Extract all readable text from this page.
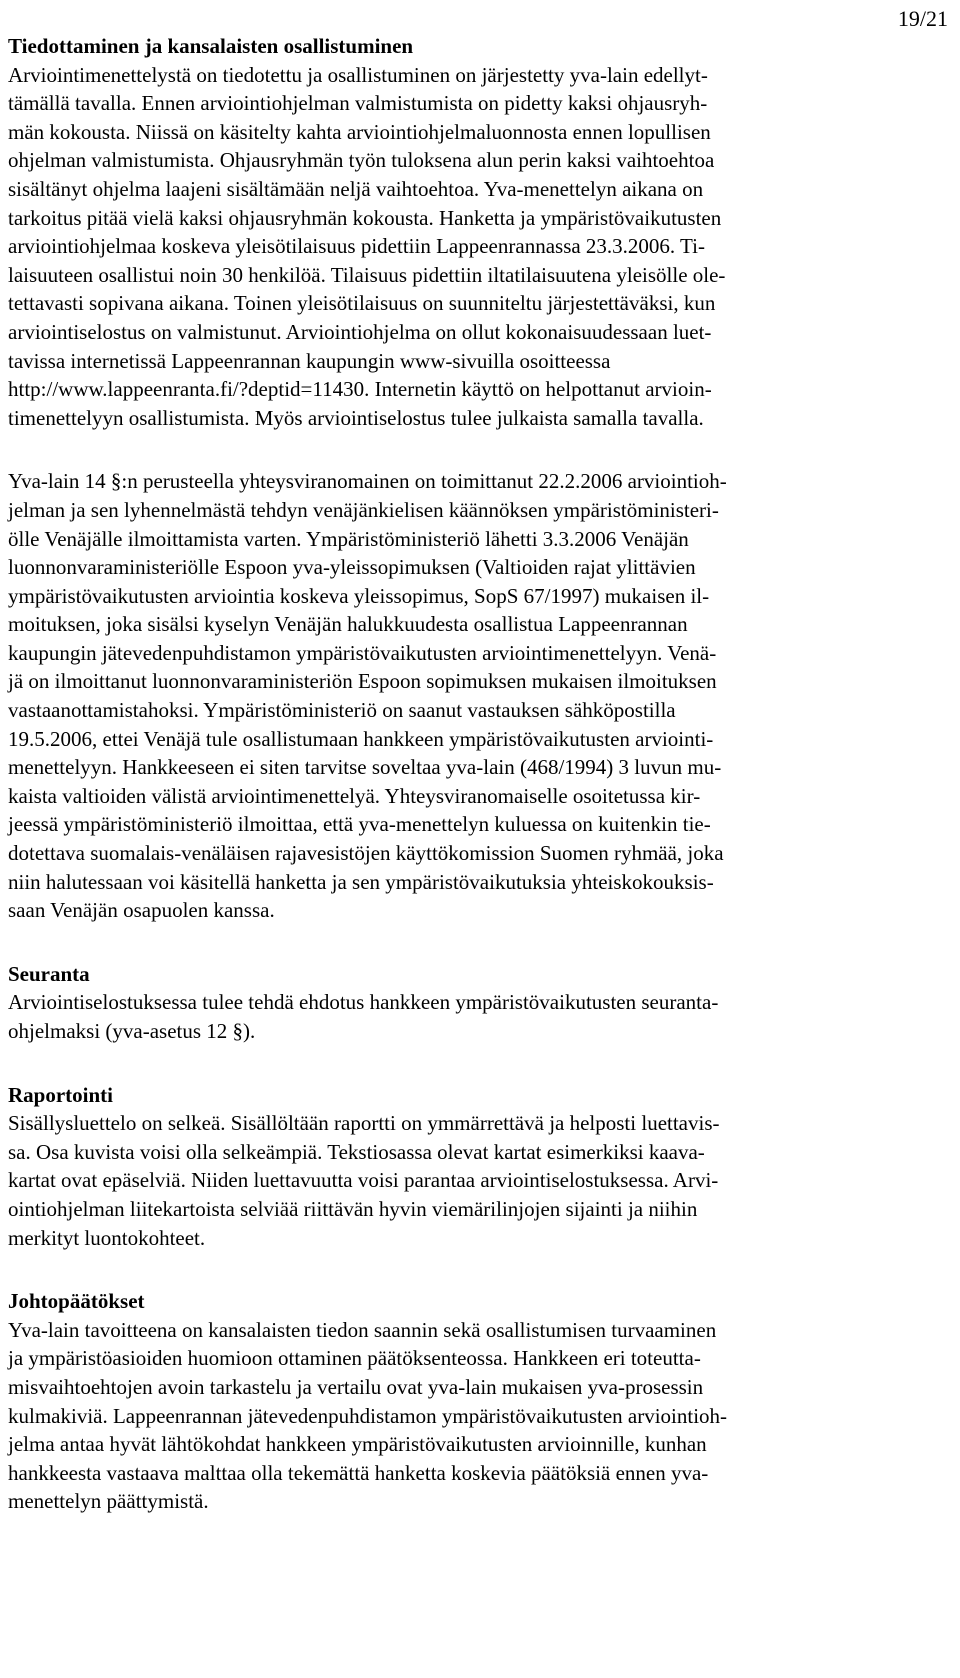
19/21
Tiedottaminen ja kansalaisten osallistuminen
Arviointimenettelystä on tiedotettu ja osallistuminen on järjestetty yva-lain edellyt-
tämällä tavalla. Ennen arviointiohjelman valmistumista on pidetty kaksi ohjausryh-
män kokousta. Niissä on käsitelty kahta arviointiohjelmaluonnosta ennen lopullisen
ohjelman valmistumista. Ohjausryhmän työn tuloksena alun perin kaksi vaihtoehtoa
sisältänyt ohjelma laajeni sisältämään neljä vaihtoehtoa. Yva-menettelyn aikana on
tarkoitus pitää vielä kaksi ohjausryhmän kokousta. Hanketta ja ympäristövaikutusten
arviointiohjelmaa koskeva yleisötilaisuus pidettiin Lappeenrannassa 23.3.2006. Ti-
laisuuteen osallistui noin 30 henkilöä. Tilaisuus pidettiin iltatilaisuutena yleisölle ole-
tettavasti sopivana aikana. Toinen yleisötilaisuus on suunniteltu järjestettäväksi, kun
arviointiselostus on valmistunut. Arviointiohjelma on ollut kokonaisuudessaan luet-
tavissa internetissä Lappeenrannan kaupungin www-sivuilla osoitteessa
http://www.lappeenranta.fi/?deptid=11430. Internetin käyttö on helpottanut arvioin-
timenettelyyn osallistumista. Myös arviointiselostus tulee julkaista samalla tavalla.
Yva-lain 14 §:n perusteella yhteysviranomainen on toimittanut 22.2.2006 arviointioh-
jelman ja sen lyhennelmästä tehdyn venäjänkielisen käännöksen ympäristöministeri-
ölle Venäjälle ilmoittamista varten. Ympäristöministeriö lähetti 3.3.2006 Venäjän
luonnonvaraministeriölle Espoon yva-yleissopimuksen (Valtioiden rajat ylittävien
ympäristövaikutusten arviointia koskeva yleissopimus, SopS 67/1997) mukaisen il-
moituksen, joka sisälsi kyselyn Venäjän halukkuudesta osallistua Lappeenrannan
kaupungin jätevedenpuhdistamon ympäristövaikutusten arviointimenettelyyn. Venä-
jä on ilmoittanut luonnonvaraministeriön Espoon sopimuksen mukaisen ilmoituksen
vastaanottamistahoksi. Ympäristöministeriö on saanut vastauksen sähköpostilla
19.5.2006, ettei Venäjä tule osallistumaan hankkeen ympäristövaikutusten arviointi-
menettelyyn. Hankkeeseen ei siten tarvitse soveltaa yva-lain (468/1994) 3 luvun mu-
kaista valtioiden välistä arviointimenettelyä. Yhteysviranomaiselle osoitetussa kir-
jeessä ympäristöministeriö ilmoittaa, että yva-menettelyn kuluessa on kuitenkin tie-
dotettava suomalais-venäläisen rajavesistöjen käyttökomission Suomen ryhmää, joka
niin halutessaan voi käsitellä hanketta ja sen ympäristövaikutuksia yhteiskokouksis-
saan Venäjän osapuolen kanssa.
Seuranta
Arviointiselostuksessa tulee tehdä ehdotus hankkeen ympäristövaikutusten seuranta-
ohjelmaksi (yva-asetus 12 §).
Raportointi
Sisällysluettelo on selkeä. Sisällöltään raportti on ymmärrettävä ja helposti luettavis-
sa. Osa kuvista voisi olla selkeämpiä. Tekstiosassa olevat kartat esimerkiksi kaava-
kartat ovat epäselviä. Niiden luettavuutta voisi parantaa arviointiselostuksessa. Arvi-
ointiohjelman liitekartoista selviää riittävän hyvin viemärilinjojen sijainti ja niihin
merkityt luontokohteet.
Johtopäätökset
Yva-lain tavoitteena on kansalaisten tiedon saannin sekä osallistumisen turvaaminen
ja ympäristöasioiden huomioon ottaminen päätöksenteossa. Hankkeen eri toteutta-
misvaihtoehtojen avoin tarkastelu ja vertailu ovat yva-lain mukaisen yva-prosessin
kulmakiviä. Lappeenrannan jätevedenpuhdistamon ympäristövaikutusten arviointioh-
jelma antaa hyvät lähtökohdat hankkeen ympäristövaikutusten arvioinnille, kunhan
hankkeesta vastaava malttaa olla tekemättä hanketta koskevia päätöksiä ennen yva-
menettelyn päättymistä.
